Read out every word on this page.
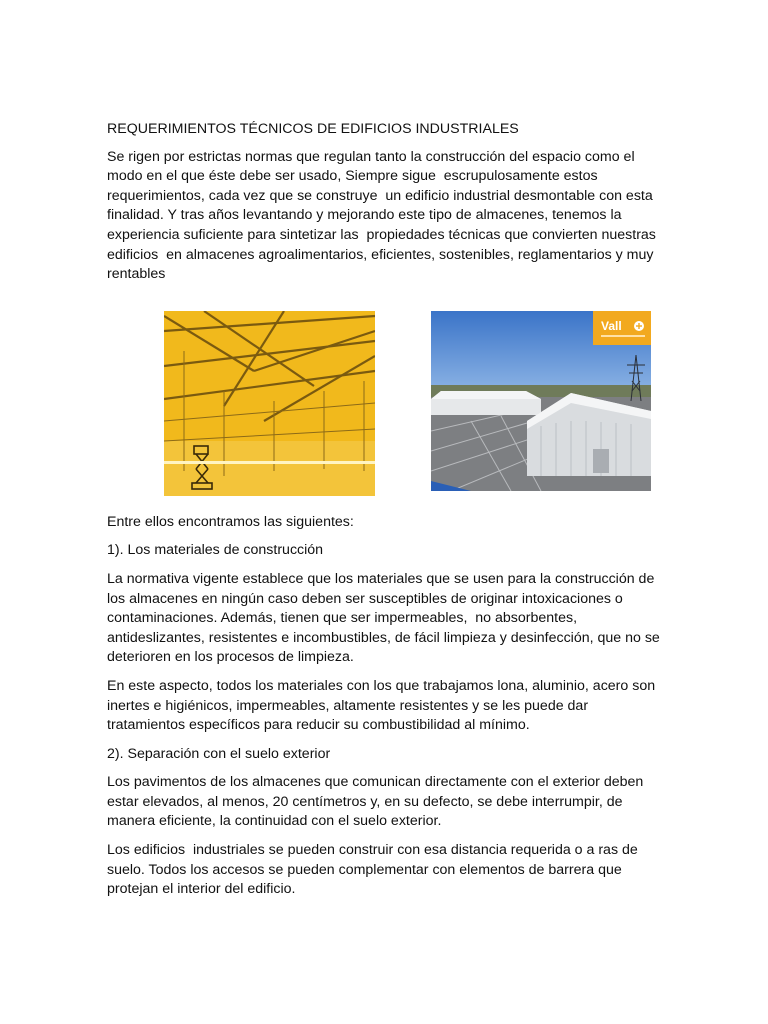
REQUERIMIENTOS TÉCNICOS DE EDIFICIOS INDUSTRIALES

Se rigen por estrictas normas que regulan tanto la construcción del espacio como el modo en el que éste debe ser usado, Siempre sigue  escrupulosamente estos requerimientos, cada vez que se construye  un edificio industrial desmontable con esta finalidad. Y tras años levantando y mejorando este tipo de almacenes, tenemos la experiencia suficiente para sintetizar las  propiedades técnicas que convierten nuestras edificios  en almacenes agroalimentarios, eficientes, sostenibles, reglamentarios y muy rentables

Vall

Entre ellos encontramos las siguientes:

1). Los materiales de construcción

La normativa vigente establece que los materiales que se usen para la construcción de los almacenes en ningún caso deben ser susceptibles de originar intoxicaciones o contaminaciones. Además, tienen que ser impermeables,  no absorbentes, antideslizantes, resistentes e incombustibles, de fácil limpieza y desinfección, que no se deterioren en los procesos de limpieza.

En este aspecto, todos los materiales con los que trabajamos lona, aluminio, acero son inertes e higiénicos, impermeables, altamente resistentes y se les puede dar tratamientos específicos para reducir su combustibilidad al mínimo.

2). Separación con el suelo exterior

Los pavimentos de los almacenes que comunican directamente con el exterior deben estar elevados, al menos, 20 centímetros y, en su defecto, se debe interrumpir, de manera eficiente, la continuidad con el suelo exterior.

Los edificios  industriales se pueden construir con esa distancia requerida o a ras de suelo. Todos los accesos se pueden complementar con elementos de barrera que protejan el interior del edificio.
